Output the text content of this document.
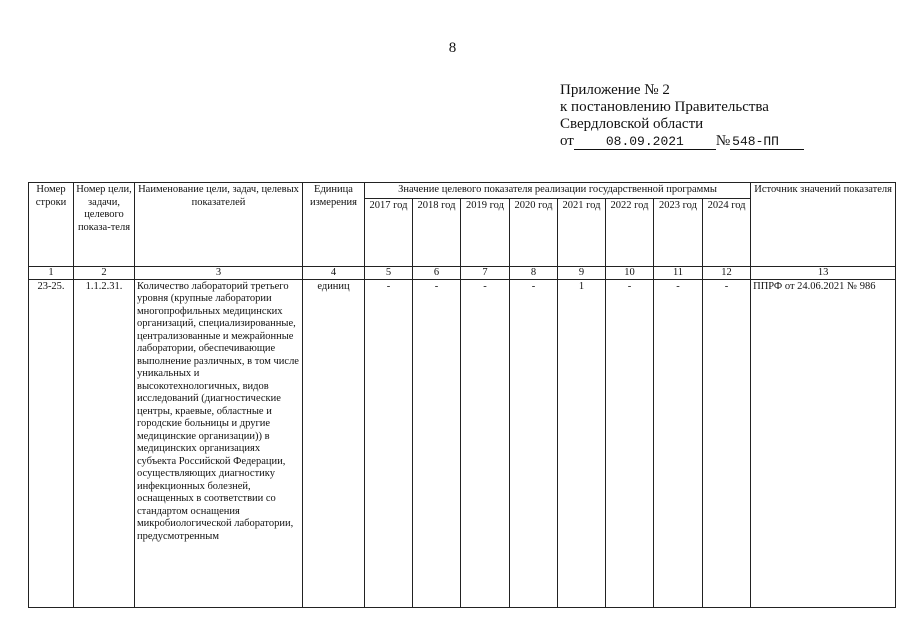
8
Приложение № 2
к постановлению Правительства
Свердловской области
от 08.09.2021 № 548-ПП
Номер строки	Номер цели, задачи, целевого показа-теля	Наименование цели, задач, целевых показателей	Единица измерения	Значение целевого показателя реализации государственной программы								Источник значений показателя
				2017 год	2018 год	2019 год	2020 год	2021 год	2022 год	2023 год	2024 год	
1	2	3	4	5	6	7	8	9	10	11	12	13
23-25.	1.1.2.31.	Количество лабораторий третьего уровня (крупные лаборатории многопрофильных медицинских организаций, специализированные, централизованные и межрайонные лаборатории, обеспечивающие выполнение различных, в том числе уникальных и высокотехнологичных, видов исследований (диагностические центры, краевые, областные и городские больницы и другие медицинские организации)) в медицинских организациях субъекта Российской Федерации, осуществляющих диагностику инфекционных болезней, оснащенных в соответствии со стандартом оснащения микробиологической лаборатории, предусмотренным	единиц	-	-	-	-	1	-	-	-	ППРФ от 24.06.2021 № 986
